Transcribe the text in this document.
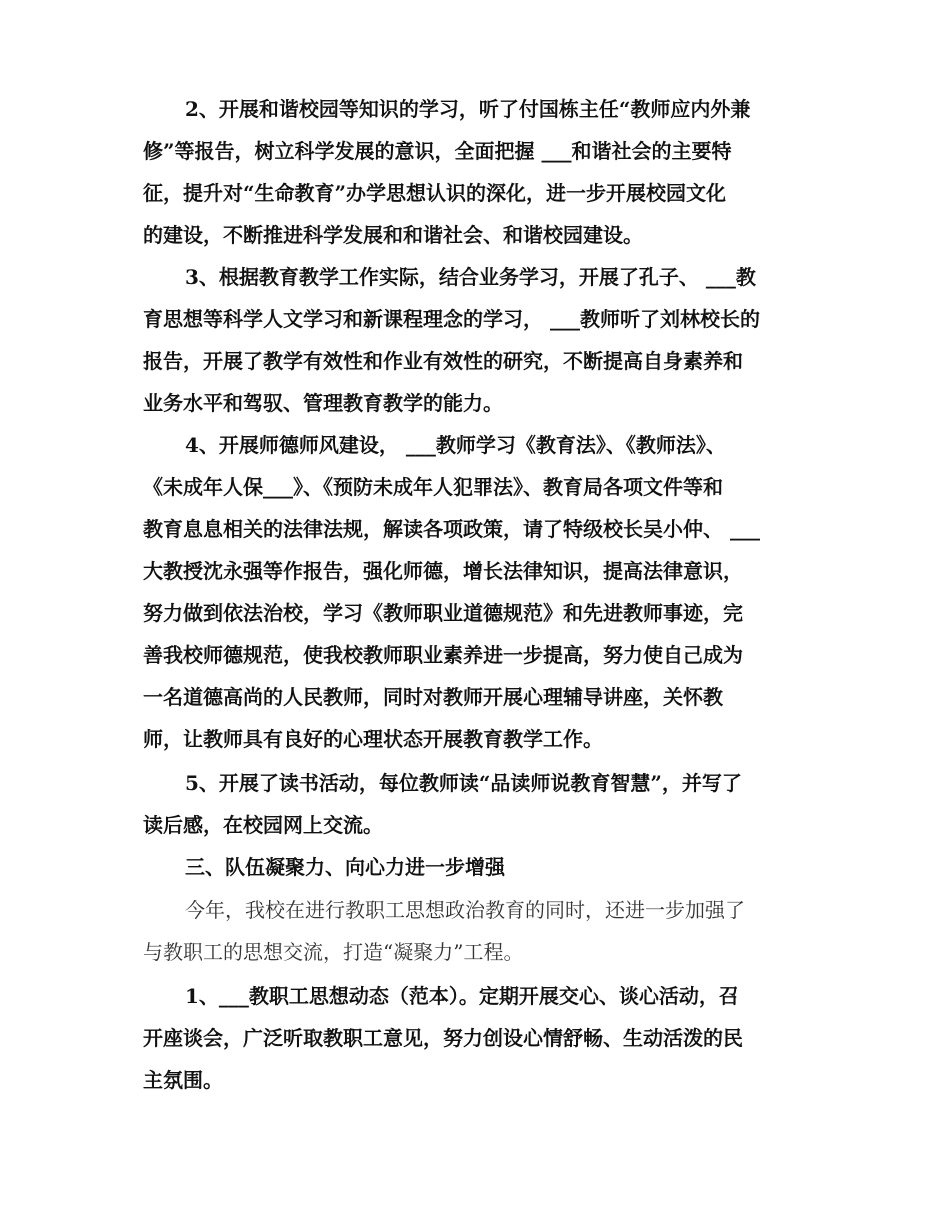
2、开展和谐校园等知识的学习，听了付国栋主任“教师应内外兼
修”等报告，树立科学发展的意识，全面把握 ___和谐社会的主要特
征，提升对“生命教育”办学思想认识的深化，进一步开展校园文化
的建设，不断推进科学发展和和谐社会、和谐校园建设。
3、根据教育教学工作实际，结合业务学习，开展了孔子、 ___教
育思想等科学人文学习和新课程理念的学习， ___教师听了刘林校长的
报告，开展了教学有效性和作业有效性的研究，不断提高自身素养和
业务水平和驾驭、管理教育教学的能力。
4、开展师德师风建设， ___教师学习《教育法》、《教师法》、
《未成年人保___》、《预防未成年人犯罪法》、教育局各项文件等和
教育息息相关的法律法规，解读各项政策，请了特级校长吴小仲、 ___
大教授沈永强等作报告，强化师德，增长法律知识，提高法律意识，
努力做到依法治校，学习《教师职业道德规范》和先进教师事迹，完
善我校师德规范，使我校教师职业素养进一步提高，努力使自己成为
一名道德高尚的人民教师，同时对教师开展心理辅导讲座，关怀教
师，让教师具有良好的心理状态开展教育教学工作。
5、开展了读书活动，每位教师读“品读师说教育智慧”，并写了
读后感，在校园网上交流。
三、队伍凝聚力、向心力进一步增强
今年，我校在进行教职工思想政治教育的同时，还进一步加强了
与教职工的思想交流，打造“凝聚力”工程。
1、___教职工思想动态（范本）。定期开展交心、谈心活动，召
开座谈会，广泛听取教职工意见，努力创设心情舒畅、生动活泼的民
主氛围。
